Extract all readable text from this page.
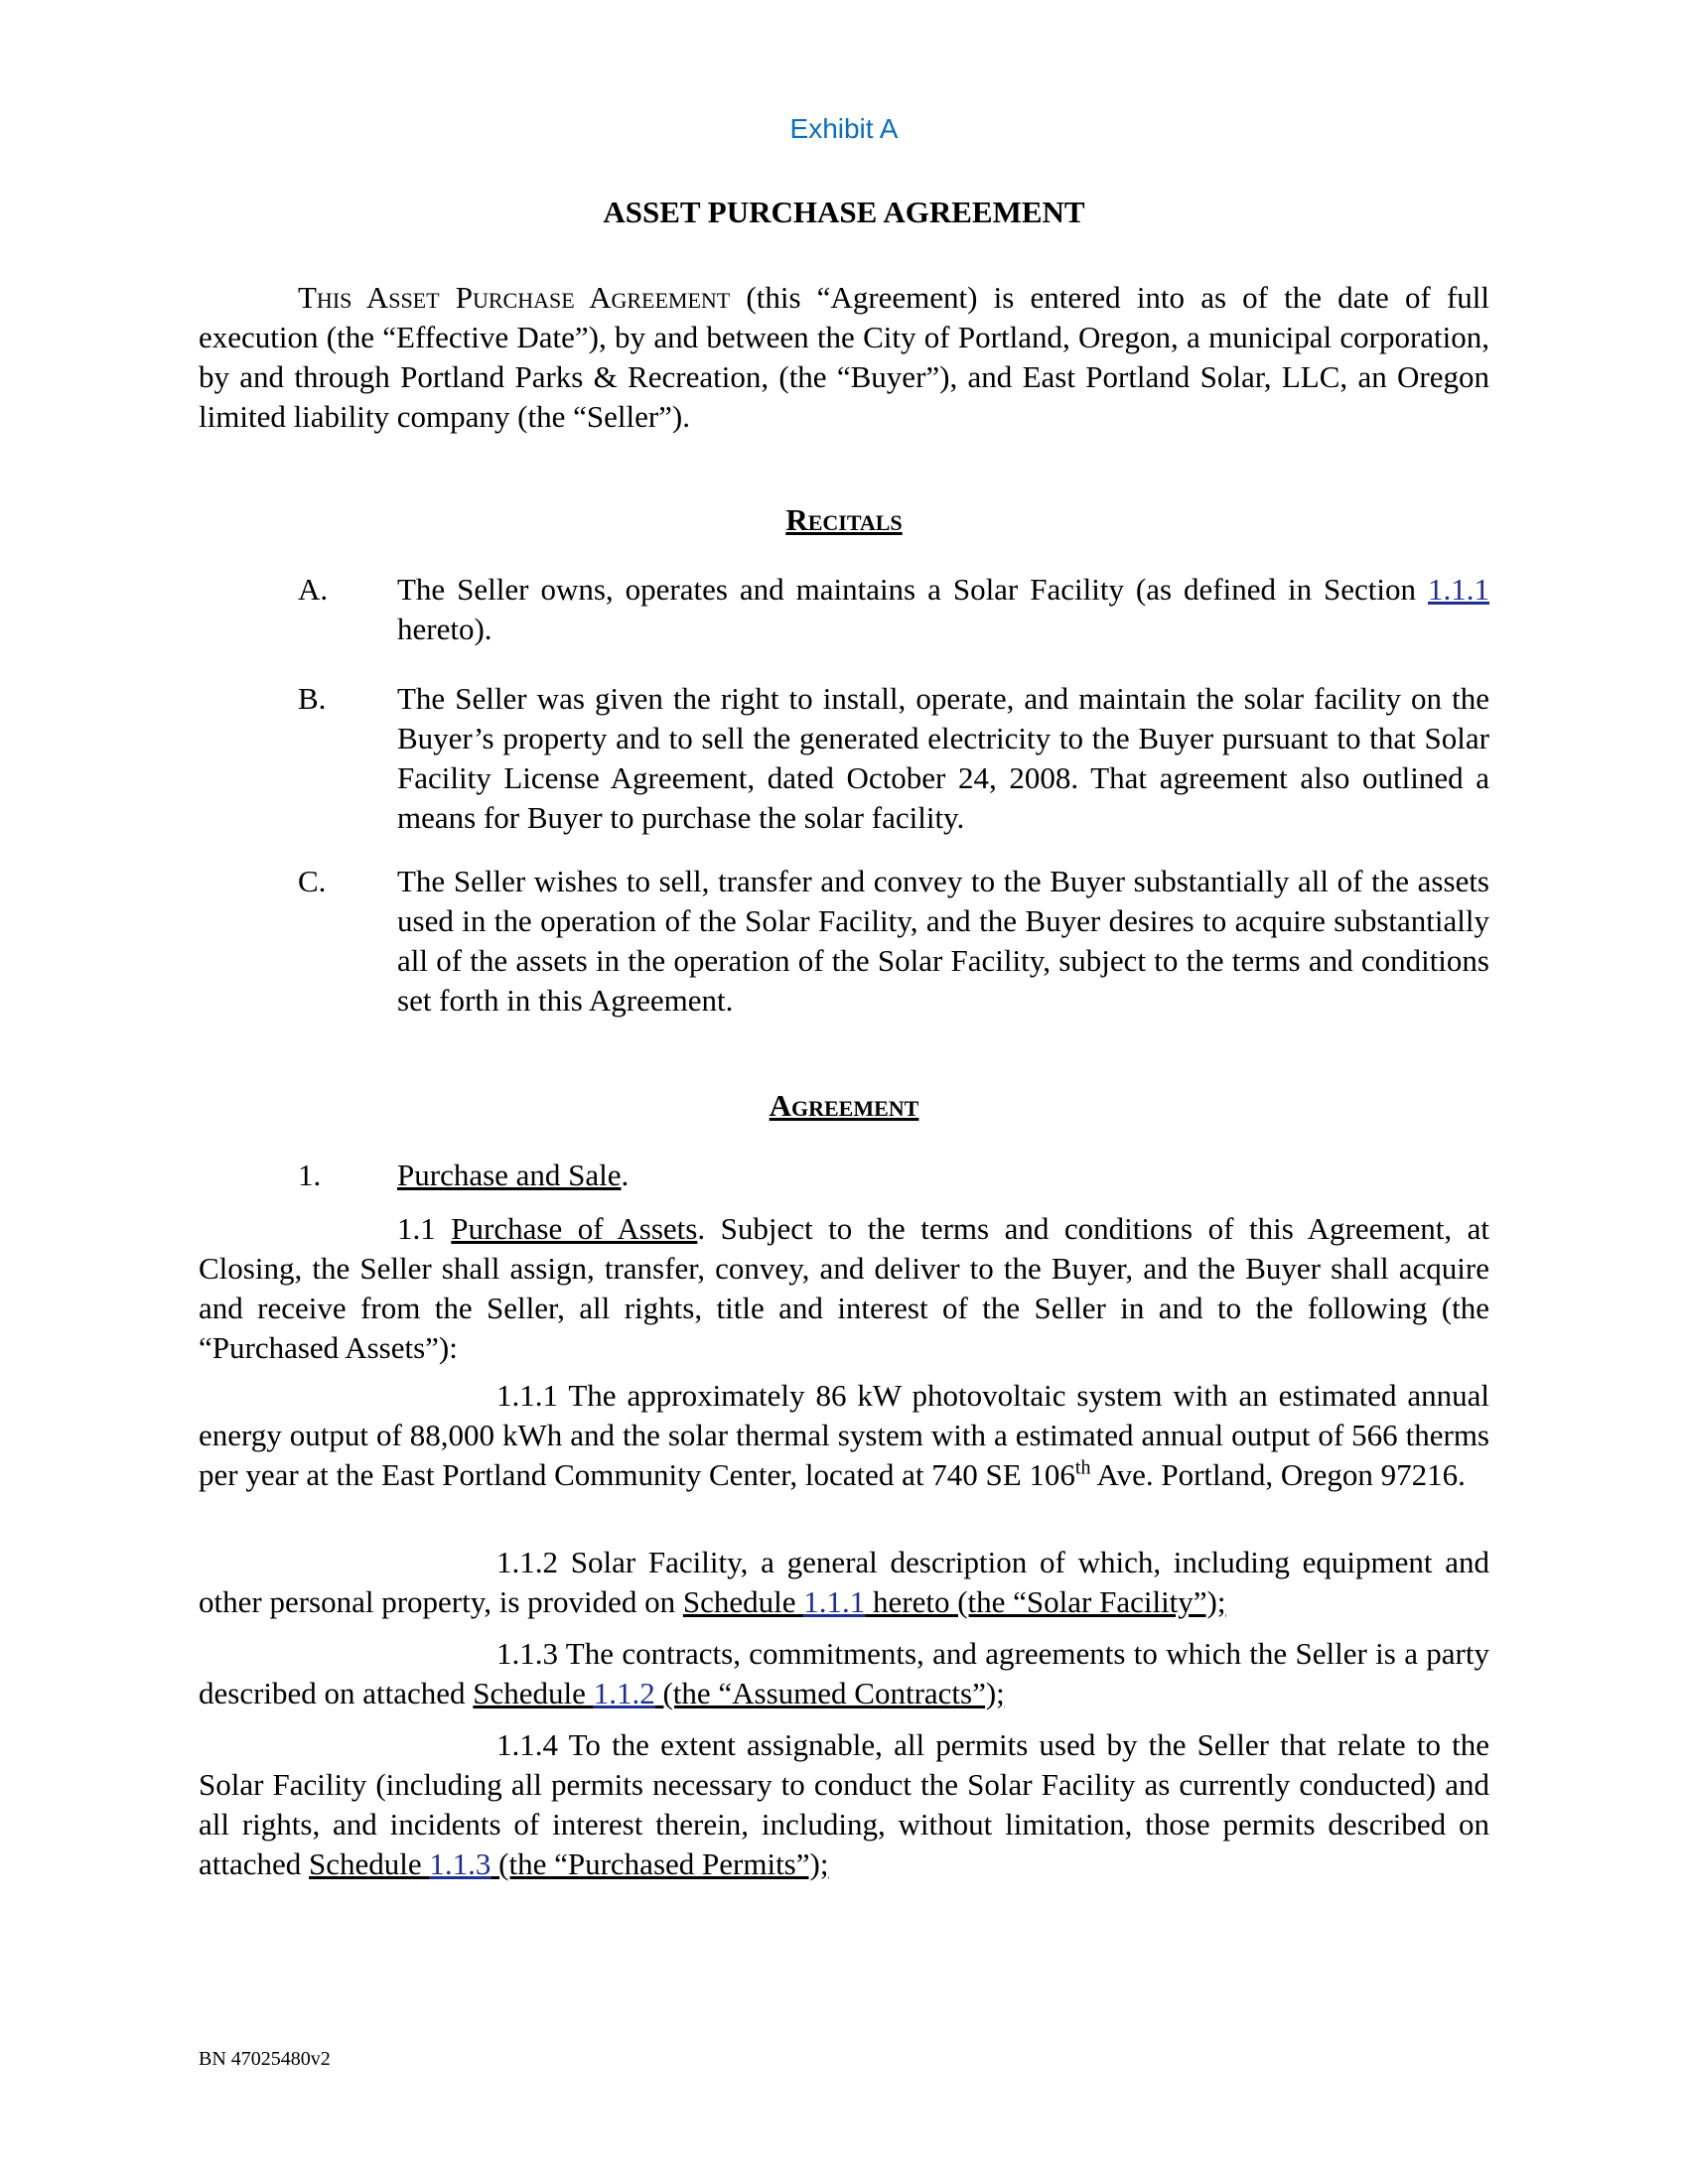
Exhibit A
ASSET PURCHASE AGREEMENT
This Asset Purchase Agreement (this “Agreement) is entered into as of the date of full execution (the “Effective Date”), by and between the City of Portland, Oregon, a municipal corporation, by and through Portland Parks & Recreation, (the “Buyer”), and East Portland Solar, LLC, an Oregon limited liability company (the “Seller”).
Recitals
A.	The Seller owns, operates and maintains a Solar Facility (as defined in Section 1.1.1 hereto).
B.	The Seller was given the right to install, operate, and maintain the solar facility on the Buyer’s property and to sell the generated electricity to the Buyer pursuant to that Solar Facility License Agreement, dated October 24, 2008. That agreement also outlined a means for Buyer to purchase the solar facility.
C.	The Seller wishes to sell, transfer and convey to the Buyer substantially all of the assets used in the operation of the Solar Facility, and the Buyer desires to acquire substantially all of the assets in the operation of the Solar Facility, subject to the terms and conditions set forth in this Agreement.
Agreement
1.	Purchase and Sale.
1.1 Purchase of Assets. Subject to the terms and conditions of this Agreement, at Closing, the Seller shall assign, transfer, convey, and deliver to the Buyer, and the Buyer shall acquire and receive from the Seller, all rights, title and interest of the Seller in and to the following (the “Purchased Assets”):
1.1.1 The approximately 86 kW photovoltaic system with an estimated annual energy output of 88,000 kWh and the solar thermal system with a estimated annual output of 566 therms per year at the East Portland Community Center, located at 740 SE 106th Ave. Portland, Oregon 97216.
1.1.2 Solar Facility, a general description of which, including equipment and other personal property, is provided on Schedule 1.1.1 hereto (the “Solar Facility”);
1.1.3 The contracts, commitments, and agreements to which the Seller is a party described on attached Schedule 1.1.2 (the “Assumed Contracts”);
1.1.4 To the extent assignable, all permits used by the Seller that relate to the Solar Facility (including all permits necessary to conduct the Solar Facility as currently conducted) and all rights, and incidents of interest therein, including, without limitation, those permits described on attached Schedule 1.1.3 (the “Purchased Permits”);
BN 47025480v2
